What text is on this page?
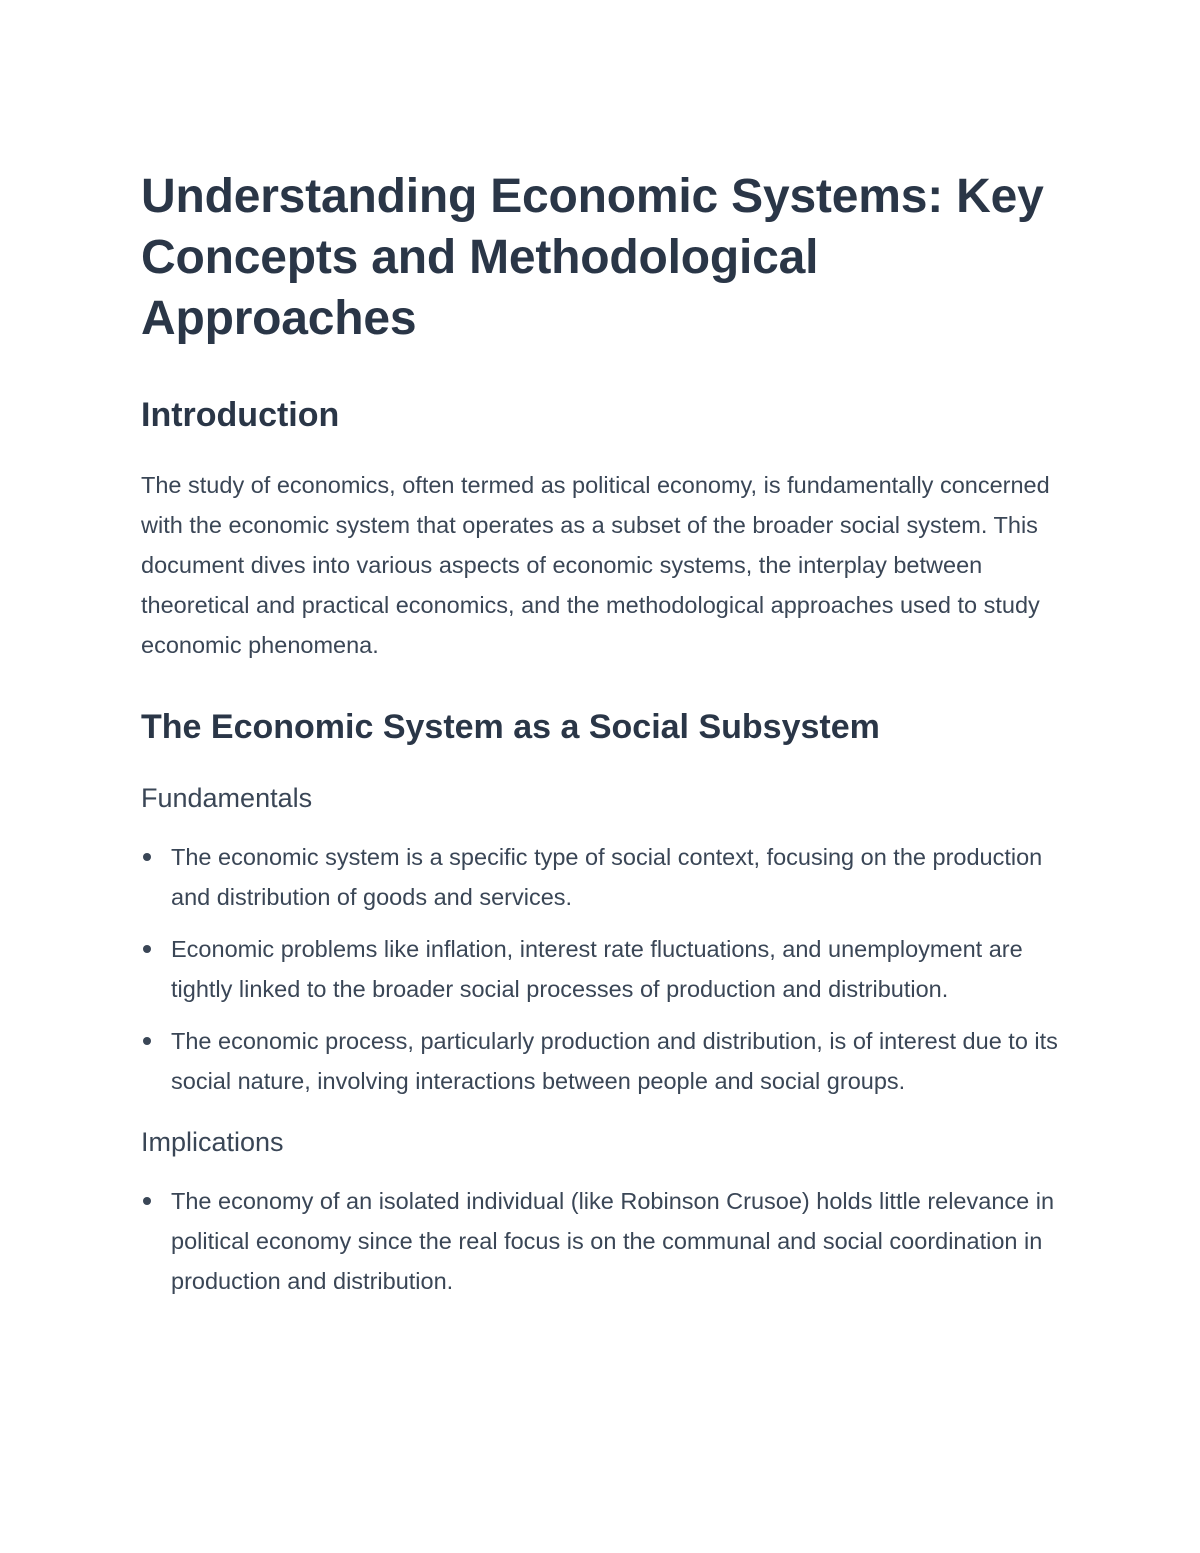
Understanding Economic Systems: Key Concepts and Methodological Approaches
Introduction

The study of economics, often termed as political economy, is fundamentally concerned with the economic system that operates as a subset of the broader social system. This document dives into various aspects of economic systems, the interplay between theoretical and practical economics, and the methodological approaches used to study economic phenomena.

The Economic System as a Social Subsystem
Fundamentals
The economic system is a specific type of social context, focusing on the production and distribution of goods and services.
Economic problems like inflation, interest rate fluctuations, and unemployment are tightly linked to the broader social processes of production and distribution.
The economic process, particularly production and distribution, is of interest due to its social nature, involving interactions between people and social groups.
Implications
The economy of an isolated individual (like Robinson Crusoe) holds little relevance in political economy since the real focus is on the communal and social coordination in production and distribution.
